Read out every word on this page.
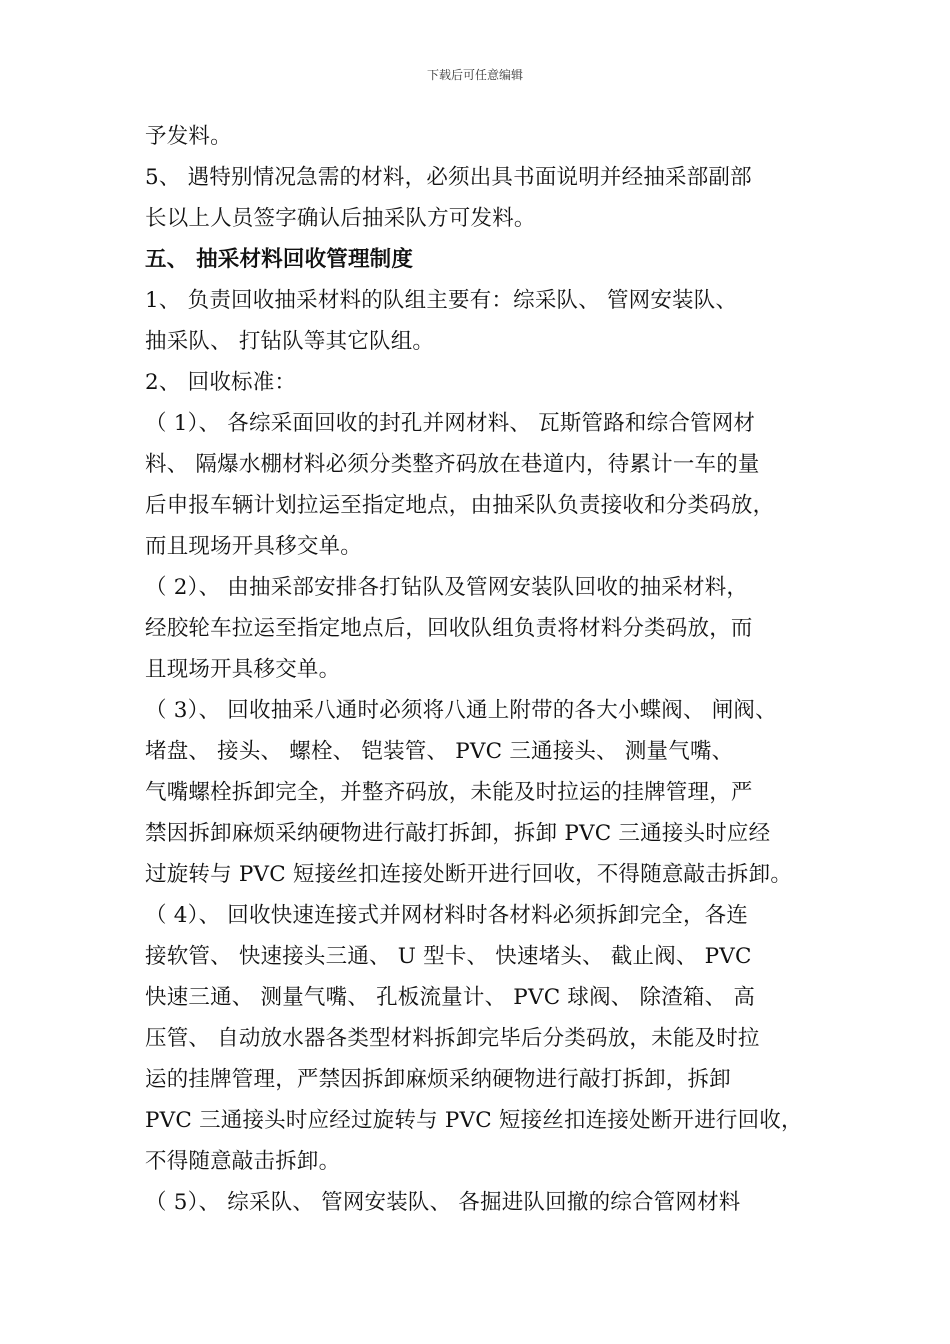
下载后可任意编辑
予发料。
5、 遇特别情况急需的材料，必须出具书面说明并经抽采部副部
长以上人员签字确认后抽采队方可发料。
五、 抽采材料回收管理制度
1、 负责回收抽采材料的队组主要有：综采队、 管网安装队、
抽采队、 打钻队等其它队组。
2、 回收标准：
（ 1）、 各综采面回收的封孔并网材料、 瓦斯管路和综合管网材
料、 隔爆水棚材料必须分类整齐码放在巷道内，待累计一车的量
后申报车辆计划拉运至指定地点，由抽采队负责接收和分类码放，
而且现场开具移交单。
（ 2）、 由抽采部安排各打钻队及管网安装队回收的抽采材料，
经胶轮车拉运至指定地点后，回收队组负责将材料分类码放，而
且现场开具移交单。
（ 3）、 回收抽采八通时必须将八通上附带的各大小蝶阀、 闸阀、
堵盘、 接头、 螺栓、 铠装管、 PVC 三通接头、 测量气嘴、
气嘴螺栓拆卸完全，并整齐码放，未能及时拉运的挂牌管理，严
禁因拆卸麻烦采纳硬物进行敲打拆卸，拆卸 PVC 三通接头时应经
过旋转与 PVC 短接丝扣连接处断开进行回收，不得随意敲击拆卸。
（ 4）、 回收快速连接式并网材料时各材料必须拆卸完全，各连
接软管、 快速接头三通、 U 型卡、 快速堵头、 截止阀、 PVC
快速三通、 测量气嘴、 孔板流量计、 PVC 球阀、 除渣箱、 高
压管、 自动放水器各类型材料拆卸完毕后分类码放，未能及时拉
运的挂牌管理，严禁因拆卸麻烦采纳硬物进行敲打拆卸，拆卸
PVC 三通接头时应经过旋转与 PVC 短接丝扣连接处断开进行回收，
不得随意敲击拆卸。
（ 5）、 综采队、 管网安装队、 各掘进队回撤的综合管网材料
